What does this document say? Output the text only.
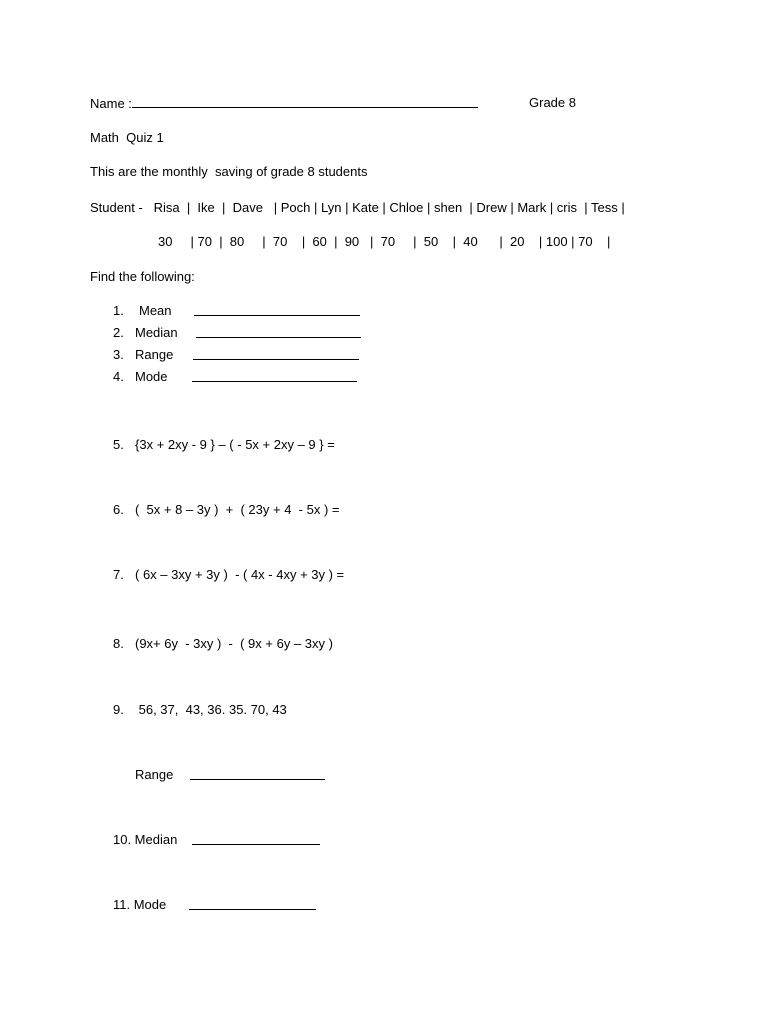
Name :	Grade 8
Math  Quiz 1
This are the monthly  saving of grade 8 students
Student -   Risa  |  Ike  |  Dave   | Poch | Lyn | Kate | Chloe | shen  | Drew | Mark | cris  | Tess |
30     | 70  |  80     |  70    |  60  |  90   |  70     |  50    |  40      |  20    | 100 | 70    |
Find the following:
1. Mean
2. Median
3. Range
4. Mode
5. {3x + 2xy - 9 } – ( - 5x + 2xy – 9 } =
6. (  5x + 8 – 3y )  +  ( 23y + 4  - 5x ) =
7. ( 6x – 3xy + 3y )  - ( 4x - 4xy + 3y ) =
8. (9x+ 6y  - 3xy )  -  ( 9x + 6y – 3xy )
9. 56, 37,  43, 36. 35. 70, 43
Range
10. Median
11. Mode
